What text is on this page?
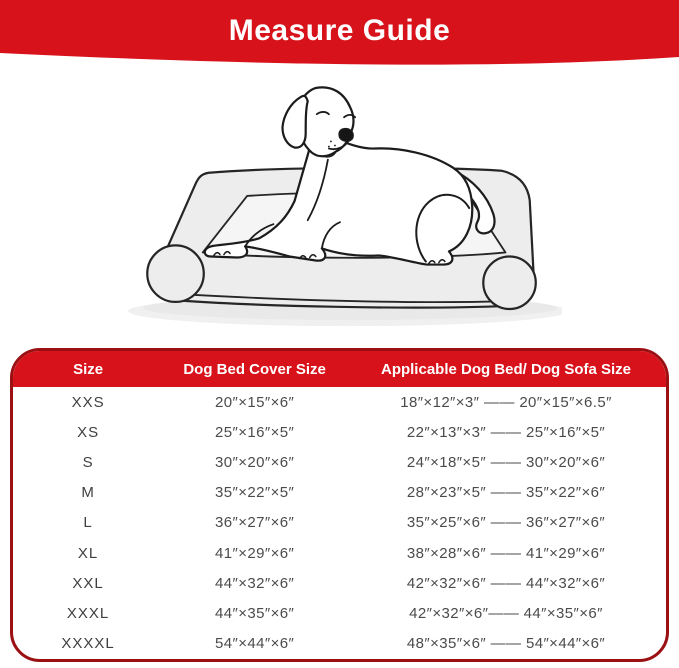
Measure Guide
Size	Dog Bed Cover Size	Applicable Dog Bed/ Dog Sofa Size
XXS	20″×15″×6″	18″×12″×3″ —— 20″×15″×6.5″
XS	25″×16″×5″	22″×13″×3″ —— 25″×16″×5″
S	30″×20″×6″	24″×18″×5″ —— 30″×20″×6″
M	35″×22″×5″	28″×23″×5″ —— 35″×22″×6″
L	36″×27″×6″	35″×25″×6″ —— 36″×27″×6″
XL	41″×29″×6″	38″×28″×6″ —— 41″×29″×6″
XXL	44″×32″×6″	42″×32″×6″ —— 44″×32″×6″
XXXL	44″×35″×6″	42″×32″×6″—— 44″×35″×6″
XXXXL	54″×44″×6″	48″×35″×6″ —— 54″×44″×6″
